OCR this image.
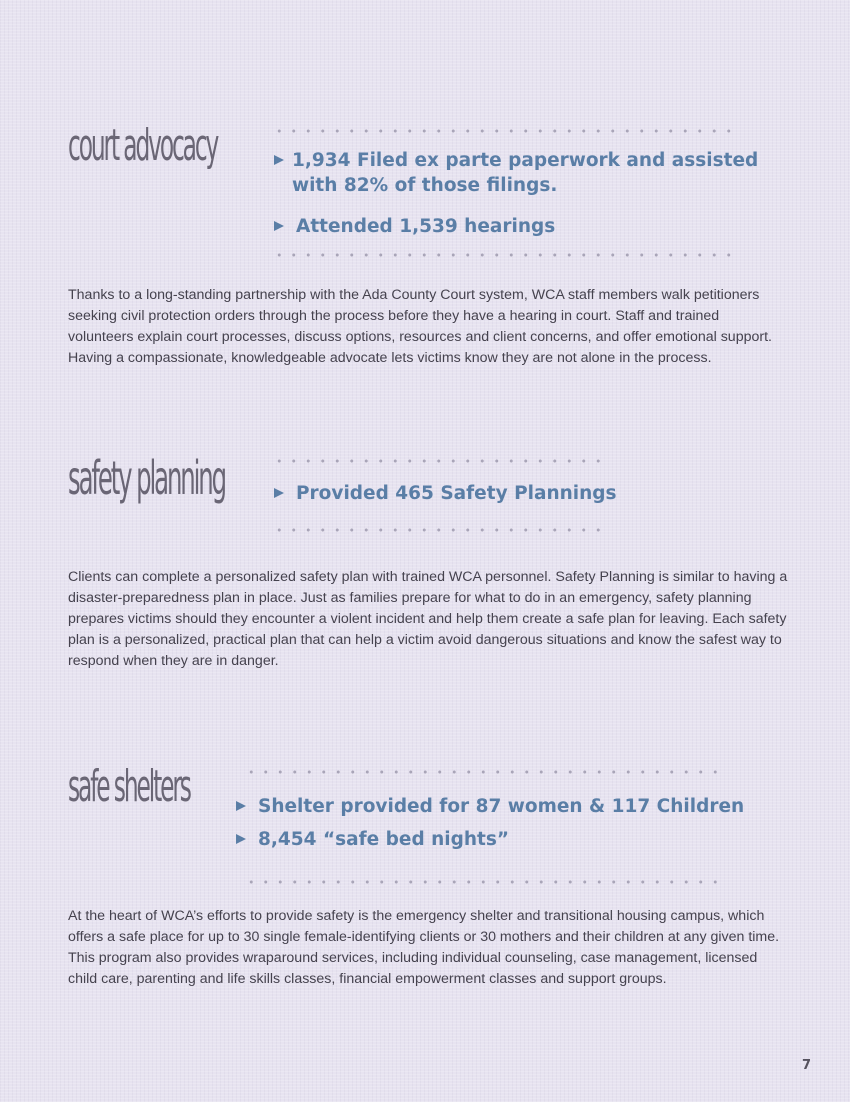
court advocacy	1,934 Filed ex parte paperwork and assisted
with 82% of those filings.
Attended 1,539 hearings

Thanks to a long-standing partnership with the Ada County Court system, WCA staff members walk petitioners seeking civil protection orders through the process before they have a hearing in court. Staff and trained volunteers explain court processes, discuss options, resources and client concerns, and offer emotional support. Having a compassionate, knowledgeable advocate lets victims know they are not alone in the process.

safety planning	Provided 465 Safety Plannings

Clients can complete a personalized safety plan with trained WCA personnel. Safety Planning is similar to having a disaster-preparedness plan in place. Just as families prepare for what to do in an emergency, safety planning prepares victims should they encounter a violent incident and help them create a safe plan for leaving. Each safety plan is a personalized, practical plan that can help a victim avoid dangerous situations and know the safest way to respond when they are in danger.

safe shelters	Shelter provided for 87 women & 117 Children
8,454 “safe bed nights”

At the heart of WCA’s efforts to provide safety is the emergency shelter and transitional housing campus, which offers a safe place for up to 30 single female-identifying clients or 30 mothers and their children at any given time. This program also provides wraparound services, including individual counseling, case management, licensed child care, parenting and life skills classes, financial empowerment classes and support groups.

7
